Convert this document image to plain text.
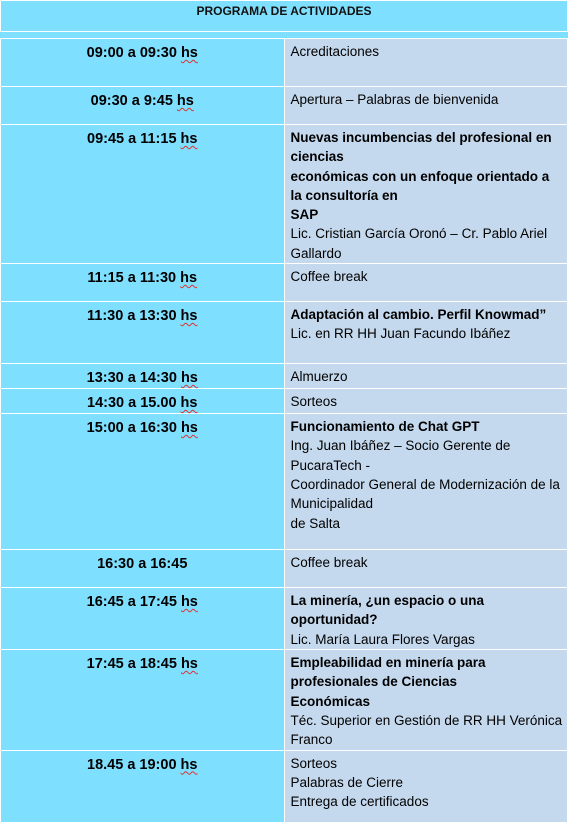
PROGRAMA DE ACTIVIDADES	

09:00 a 09:30 hs	Acreditaciones

09:30 a 9:45 hs	Apertura – Palabras de bienvenida

09:45 a 11:15 hs	Nuevas incumbencias del profesional en ciencias
económicas con un enfoque orientado a la consultoría en
SAP
Lic. Cristian García Oronó – Cr. Pablo Ariel Gallardo

11:15 a 11:30 hs	Coffee break

11:30 a 13:30 hs	Adaptación al cambio. Perfil Knowmad”
Lic. en RR HH Juan Facundo Ibáñez

13:30 a 14:30 hs	Almuerzo

14:30 a 15.00 hs	Sorteos

15:00 a 16:30 hs	Funcionamiento de Chat GPT
Ing. Juan Ibáñez – Socio Gerente de PucaraTech -
Coordinador General de Modernización de la Municipalidad
de Salta

16:30 a 16:45	Coffee break

16:45 a 17:45 hs	La minería, ¿un espacio o una oportunidad?
Lic. María Laura Flores Vargas

17:45 a 18:45 hs	Empleabilidad en minería para profesionales de Ciencias
Económicas
Téc. Superior en Gestión de RR HH Verónica Franco

18.45 a 19:00 hs	Sorteos
Palabras de Cierre
Entrega de certificados
